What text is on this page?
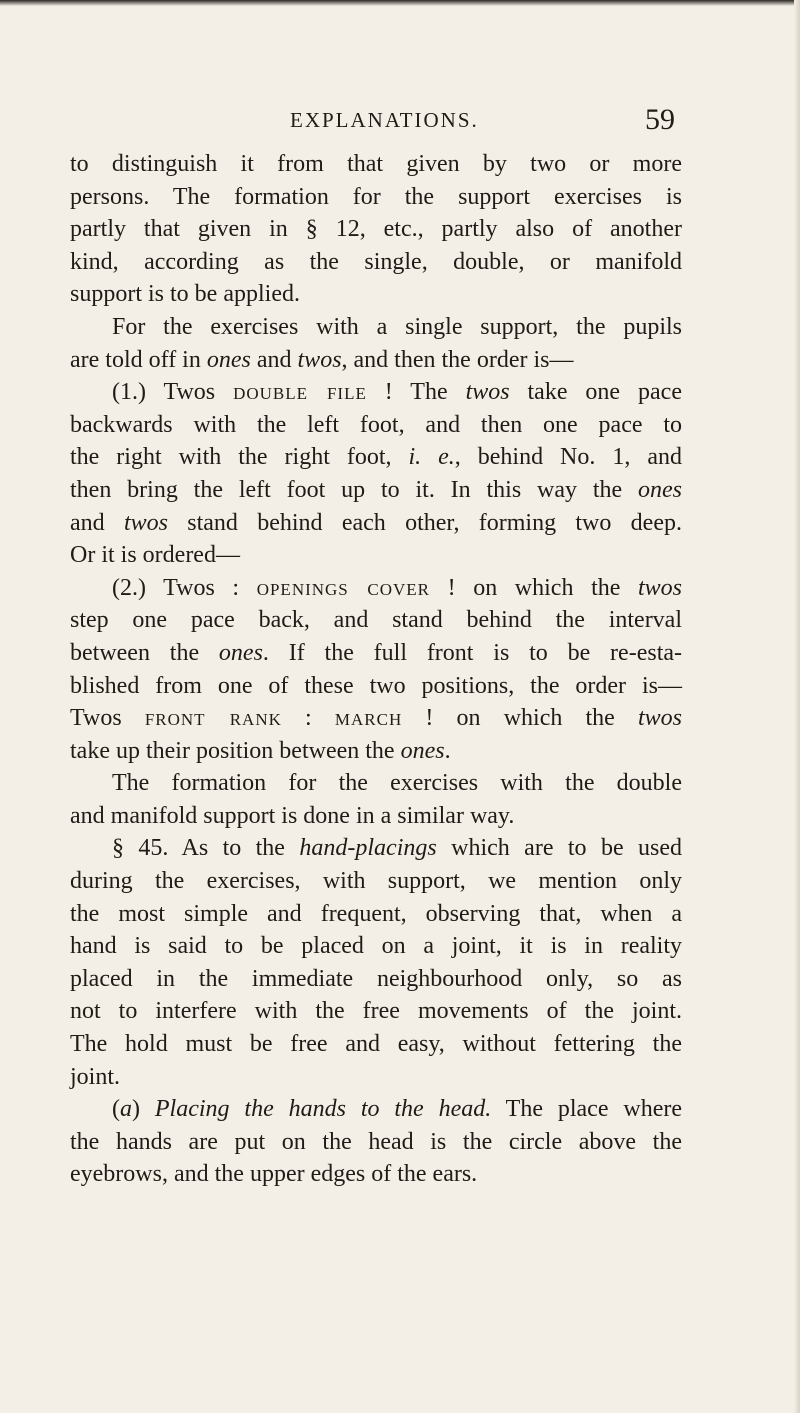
EXPLANATIONS.	59
to distinguish it from that given by two or more
persons. The formation for the support exercises is
partly that given in § 12, etc., partly also of another
kind, according as the single, double, or manifold
support is to be applied.
For the exercises with a single support, the pupils
are told off in ones and twos, and then the order is—
(1.) Twos double file ! The twos take one pace
backwards with the left foot, and then one pace to
the right with the right foot, i. e., behind No. 1, and
then bring the left foot up to it. In this way the ones
and twos stand behind each other, forming two deep.
Or it is ordered—
(2.) Twos : openings cover ! on which the twos
step one pace back, and stand behind the interval
between the ones. If the full front is to be re-esta-
blished from one of these two positions, the order is—
Twos front rank : march ! on which the twos
take up their position between the ones.
The formation for the exercises with the double
and manifold support is done in a similar way.
§ 45. As to the hand-placings which are to be used
during the exercises, with support, we mention only
the most simple and frequent, observing that, when a
hand is said to be placed on a joint, it is in reality
placed in the immediate neighbourhood only, so as
not to interfere with the free movements of the joint.
The hold must be free and easy, without fettering the
joint.
(a) Placing the hands to the head. The place where
the hands are put on the head is the circle above the
eyebrows, and the upper edges of the ears.
